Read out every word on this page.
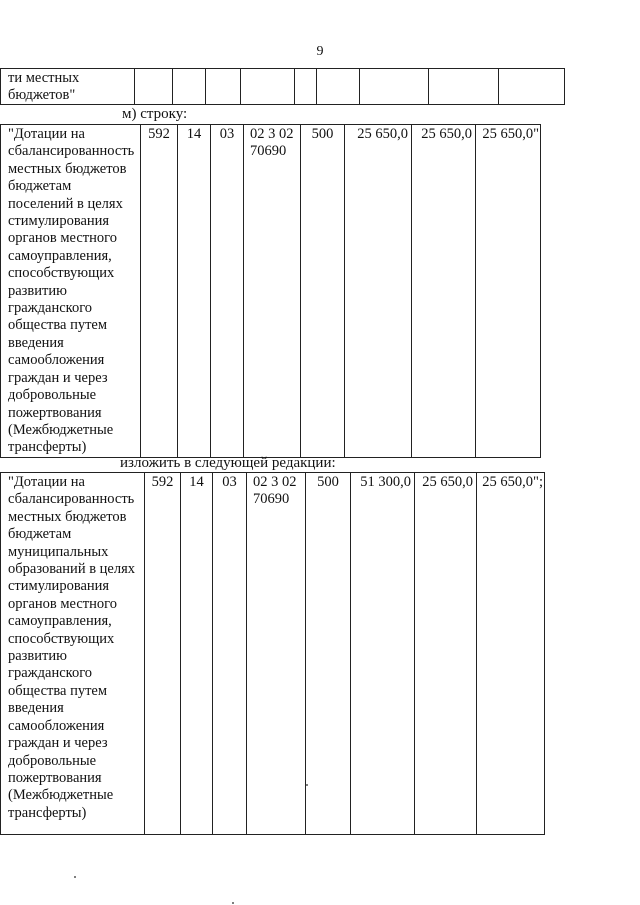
9
ти местных бюджетов"									
м) строку:
"Дотации на сбалансированность местных бюджетов бюджетам поселений в целях стимулирования органов местного самоуправления, способствующих развитию гражданского общества путем введения самообложения граждан и через добровольные пожертвования (Межбюджетные трансферты)	592	14	03	02 3 02 70690	500	25 650,0	25 650,0	25 650,0"
изложить в следующей редакции:
"Дотации на сбалансированность местных бюджетов бюджетам муниципальных образований в целях стимулирования органов местного самоуправления, способствующих развитию гражданского общества путем введения самообложения граждан и через добровольные пожертвования (Межбюджетные трансферты)	592	14	03	02 3 02 70690	500	51 300,0	25 650,0	25 650,0";
